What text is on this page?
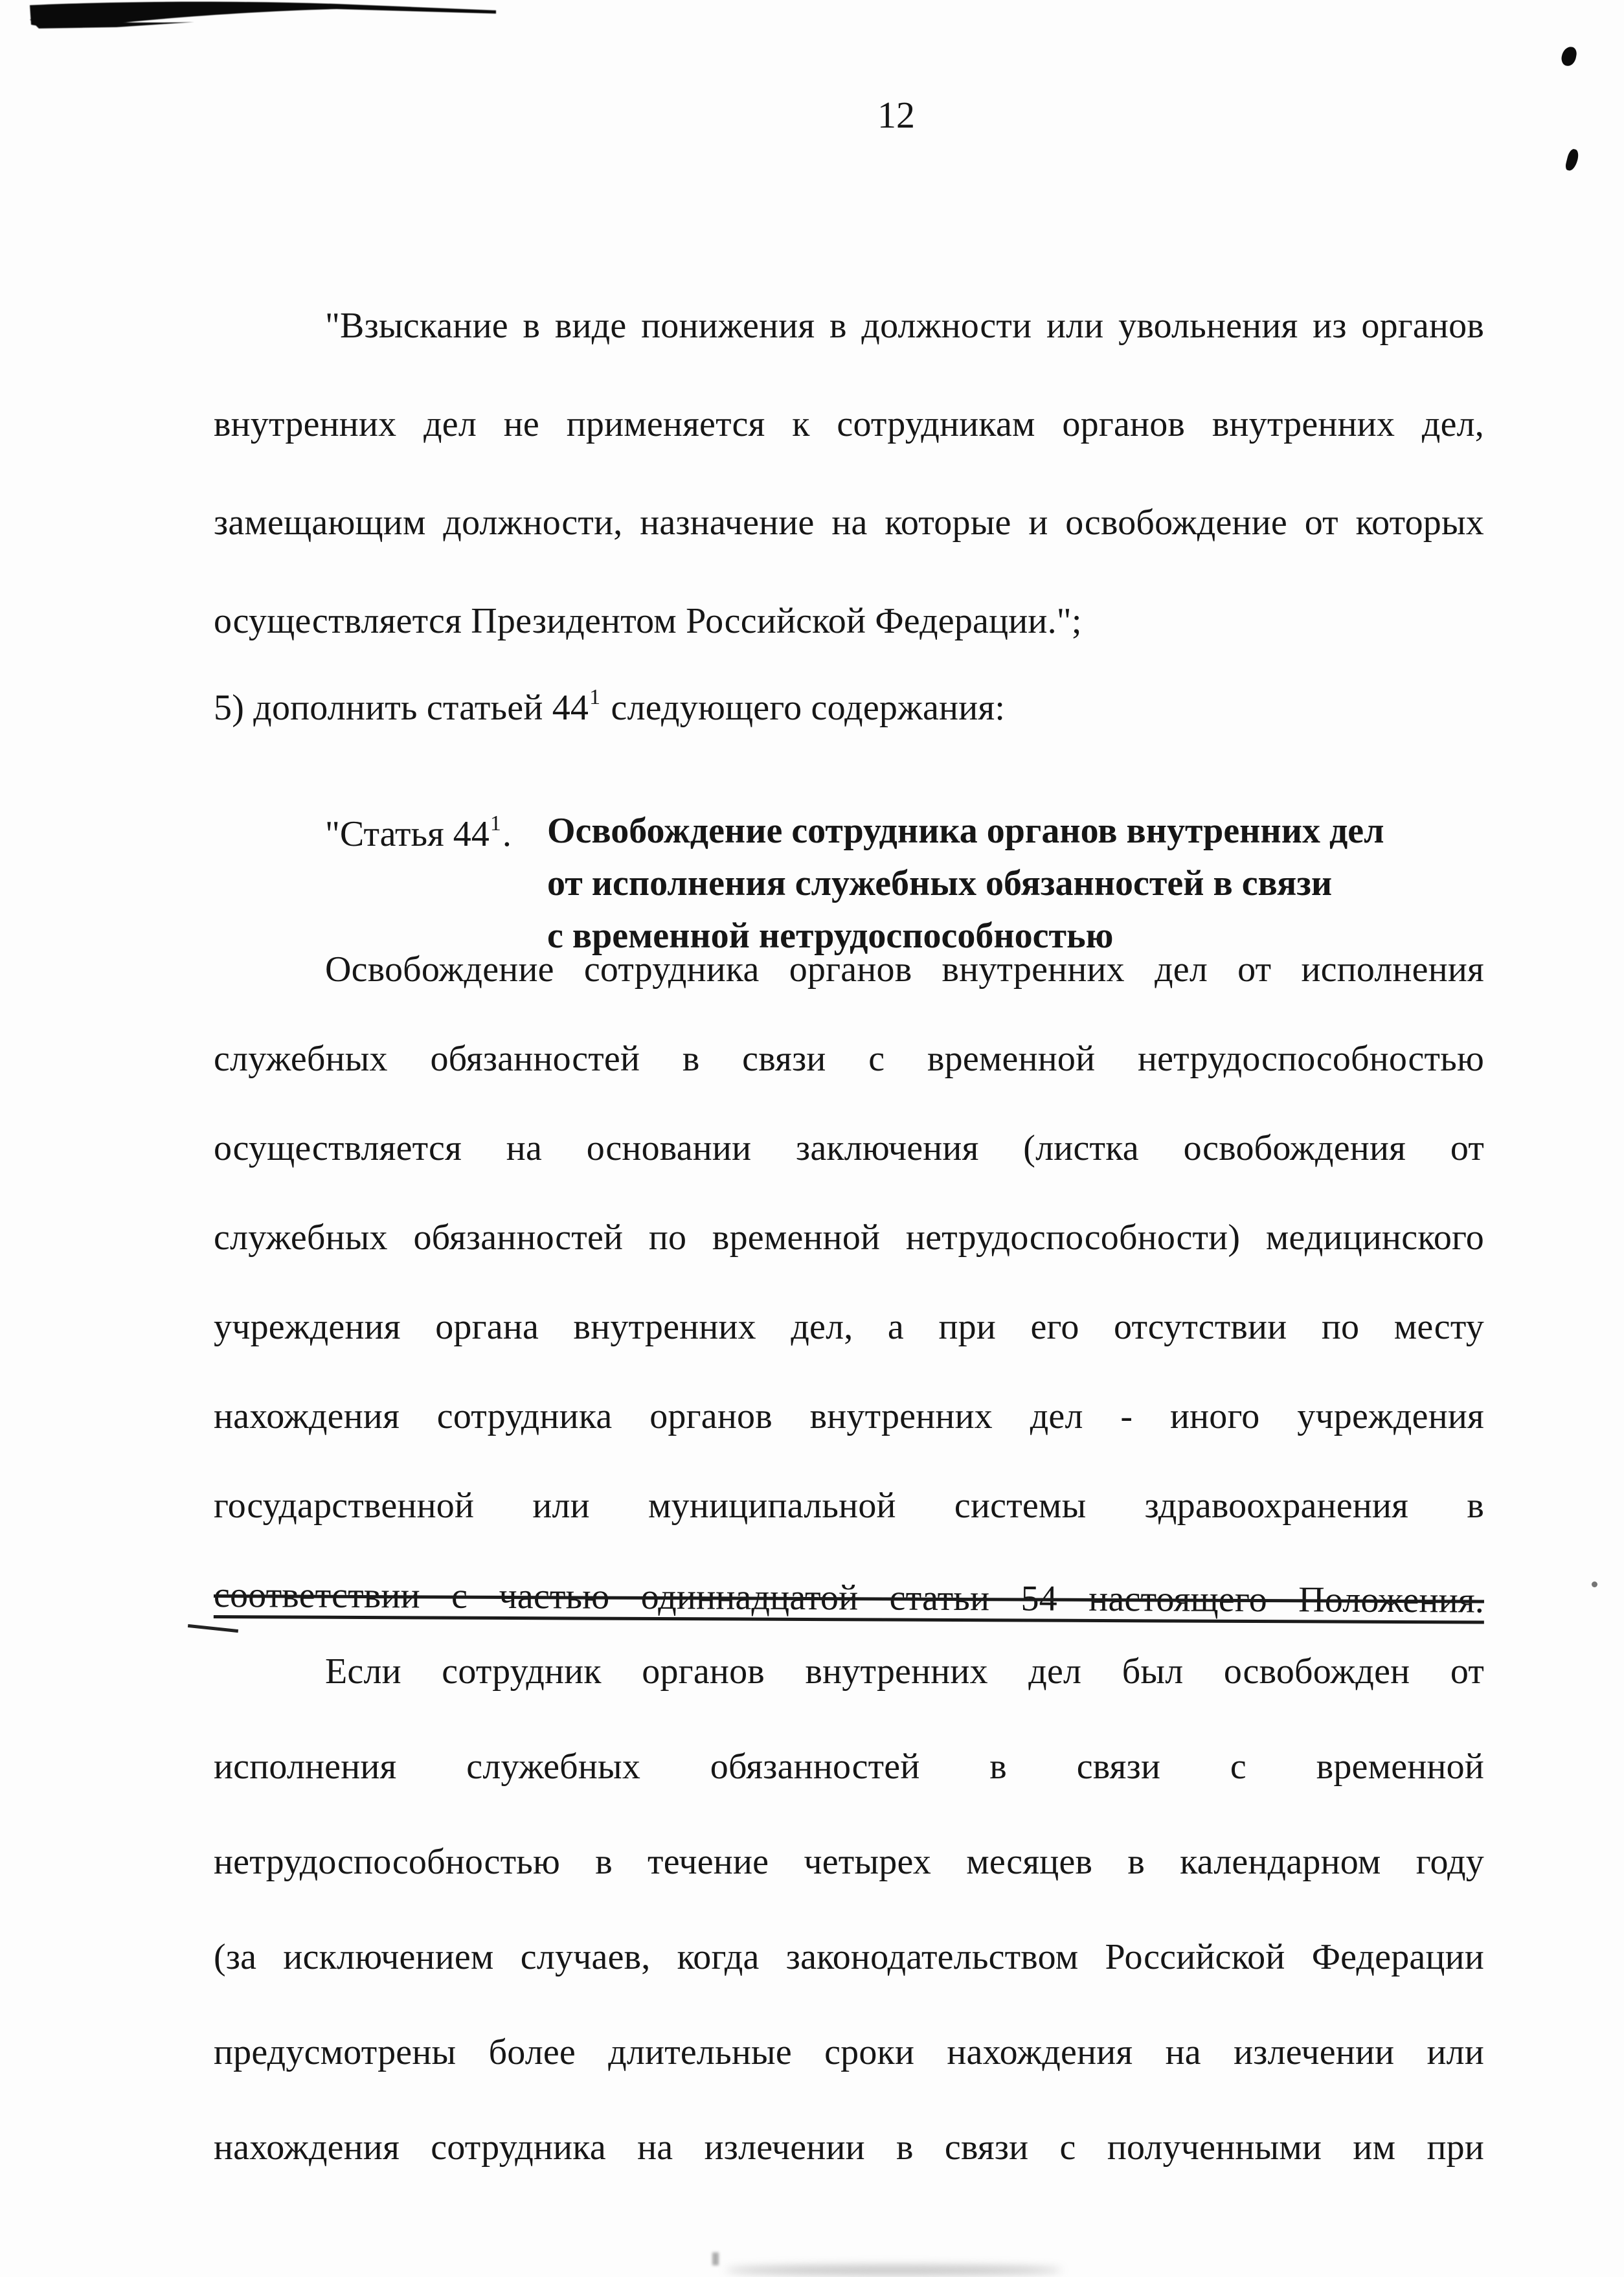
12
"Взыскание в виде понижения в должности или увольнения из органов
внутренних дел не применяется к сотрудникам органов внутренних дел,
замещающим должности, назначение на которые и освобождение от которых
осуществляется Президентом Российской Федерации.";
5) дополнить статьей $44^1$ следующего содержания:
"Статья $44^1$. Освобождение сотрудника органов внутренних дел
от исполнения служебных обязанностей в связи
с временной нетрудоспособностью
Освобождение сотрудника органов внутренних дел от исполнения
служебных обязанностей в связи с временной нетрудоспособностью
осуществляется на основании заключения (листка освобождения от
служебных обязанностей по временной нетрудоспособности) медицинского
учреждения органа внутренних дел, а при его отсутствии по месту
нахождения сотрудника органов внутренних дел - иного учреждения
государственной или муниципальной системы здравоохранения в
соответствии с частью одиннадцатой статьи 54 настоящего Положения.
Если сотрудник органов внутренних дел был освобожден от
исполнения служебных обязанностей в связи с временной
нетрудоспособностью в течение четырех месяцев в календарном году
(за исключением случаев, когда законодательством Российской Федерации
предусмотрены более длительные сроки нахождения на излечении или
нахождения сотрудника на излечении в связи с полученными им при
